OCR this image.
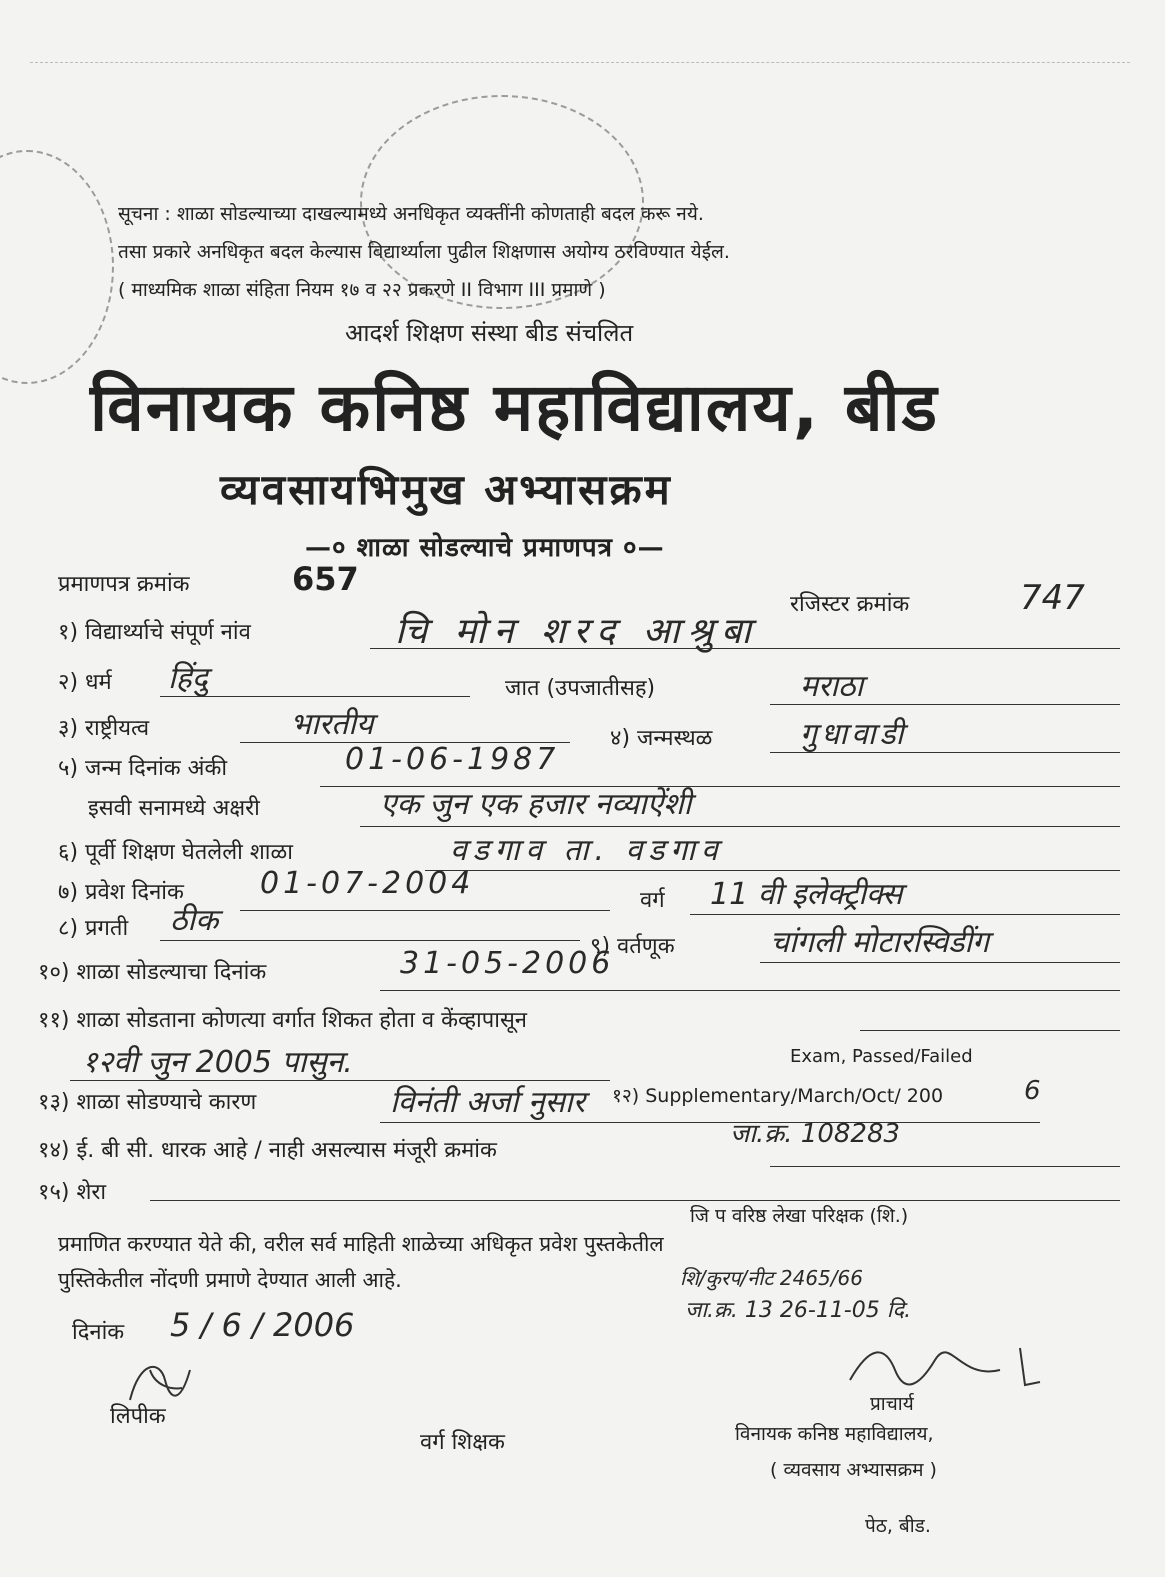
सूचना : शाळा सोडल्याच्या दाखल्यामध्ये अनधिकृत व्यक्तींनी कोणताही बदल करू नये.
तसा प्रकारे अनधिकृत बदल केल्यास विद्यार्थ्याला पुढील शिक्षणास अयोग्य ठरविण्यात येईल.
( माध्यमिक शाळा संहिता नियम १७ व २२ प्रकरणे II विभाग III प्रमाणे )
आदर्श शिक्षण संस्था बीड संचलित
विनायक कनिष्ठ महाविद्यालय, बीड
व्यवसायभिमुख अभ्यासक्रम
—० शाळा सोडल्याचे प्रमाणपत्र ०—
प्रमाणपत्र क्रमांक	657
रजिस्टर क्रमांक	747
१) विद्यार्थ्याचे संपूर्ण नांव	चि मोन शरद आश्रुबा
२) धर्म हिंदु	जात (उपजातीसह)	मराठा
३) राष्ट्रीयत्व	भारतीय	४) जन्मस्थळ	गुधावाडी
५) जन्म दिनांक अंकी	01-06-1987
इसवी सनामध्ये अक्षरी	एक जुन एक हजार नव्याऐंशी
६) पूर्वी शिक्षण घेतलेली शाळा	वडगाव ता. वडगाव
७) प्रवेश दिनांक	01-07-2004	वर्ग 11 वी इलेक्ट्रीक्स
८) प्रगती ठीक
९) वर्तणूक	चांगली मोटारस्विडींग
१०) शाळा सोडल्याचा दिनांक	31-05-2006
११) शाळा सोडताना कोणत्या वर्गात शिकत होता व केंव्हापासून
१२वी जुन 2005 पासुन.	Exam, Passed/Failed
१२) Supplementary/March/Oct/ 200	6
१३) शाळा सोडण्याचे कारण	विनंती अर्जा नुसार
जा.क्र. 108283
१४) ई. बी सी. धारक आहे / नाही असल्यास मंजूरी क्रमांक
१५) शेरा
जि प वरिष्ठ लेखा परिक्षक (शि.)
प्रमाणित करण्यात येते की, वरील सर्व माहिती शाळेच्या अधिकृत प्रवेश पुस्तकेतील
पुस्तिकेतील नोंदणी प्रमाणे देण्यात आली आहे.	शि/कुरप/नीट 2465/66
जा.क्र. 13 26-11-05 दि.
दिनांक 5 / 6 / 2006
लिपीक
वर्ग शिक्षक
प्राचार्य
विनायक कनिष्ठ महाविद्यालय,
( व्यवसाय अभ्यासक्रम )
पेठ, बीड.
